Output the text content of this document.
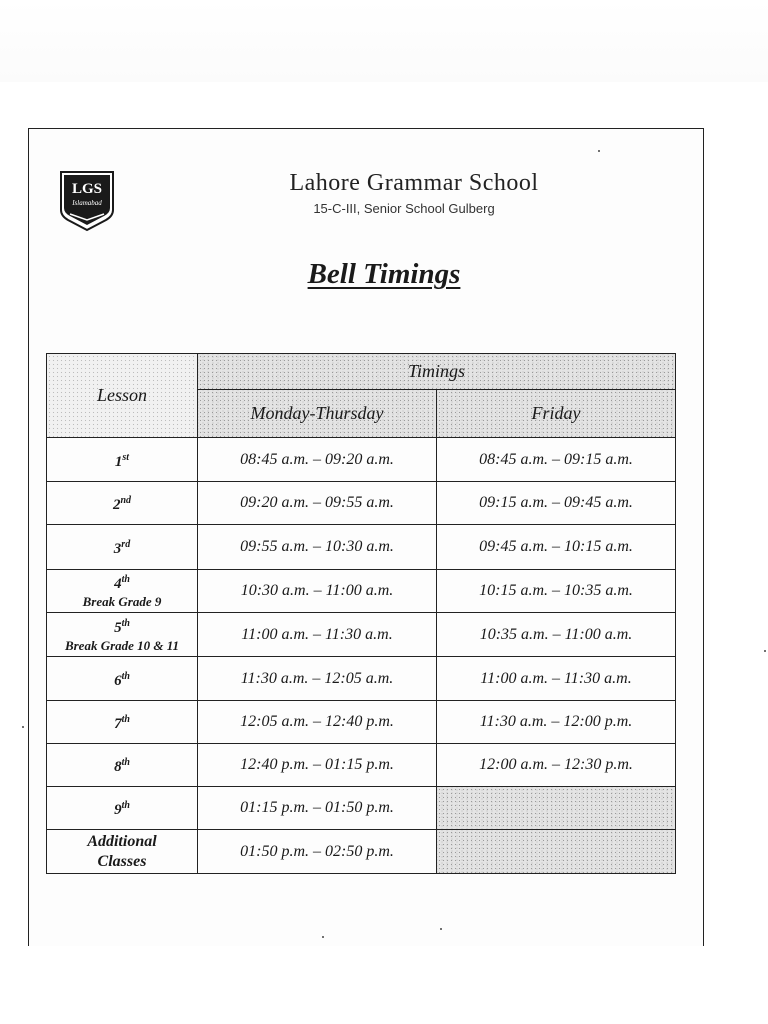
LGS
Islamabad
Lahore Grammar School
15-C-III, Senior School Gulberg
Bell Timings
Lesson	Timings	
	Monday-Thursday	Friday
1st	08:45 a.m. – 09:20 a.m.	08:45 a.m. – 09:15 a.m.
2nd	09:20 a.m. – 09:55 a.m.	09:15 a.m. – 09:45 a.m.
3rd	09:55 a.m. – 10:30 a.m.	09:45 a.m. – 10:15 a.m.
4th
Break Grade 9	10:30 a.m. – 11:00 a.m.	10:15 a.m. – 10:35 a.m.
5th
Break Grade 10 & 11	11:00 a.m. – 11:30 a.m.	10:35 a.m. – 11:00 a.m.
6th	11:30 a.m. – 12:05 a.m.	11:00 a.m. – 11:30 a.m.
7th	12:05 a.m. – 12:40 p.m.	11:30 a.m. – 12:00 p.m.
8th	12:40 p.m. – 01:15 p.m.	12:00 a.m. – 12:30 p.m.
9th	01:15 p.m. – 01:50 p.m.	
Additional
Classes	01:50 p.m. – 02:50 p.m.	
